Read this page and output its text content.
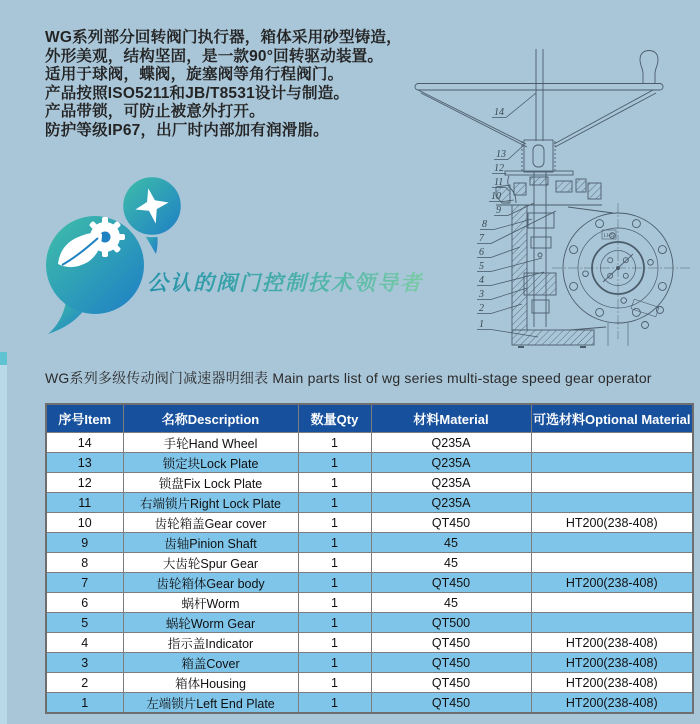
WG系列部分回转阀门执行器，箱体采用砂型铸造，
外形美观，结构坚固，是一款90°回转驱动装置。
适用于球阀，蝶阀，旋塞阀等角行程阀门。
产品按照ISO5211和JB/T8531设计与制造。
产品带锁，可防止被意外打开。
防护等级IP67，出厂时内部加有润滑脂。
公认的阀门控制技术领导者
LHS
14
13
12
11
10
9
8
7
6
5
4
3
2
1
WG系列多级传动阀门减速器明细表 Main parts list of wg series multi-stage speed gear operator
序号Item	名称Description	数量Qty	材料Material	可选材料Optional Material
14	手轮Hand Wheel	1	Q235A	
13	锁定块Lock Plate	1	Q235A	
12	锁盘Fix Lock Plate	1	Q235A	
11	右端锁片Right Lock Plate	1	Q235A	
10	齿轮箱盖Gear cover	1	QT450	HT200(238-408)
9	齿轴Pinion Shaft	1	45	
8	大齿轮Spur Gear	1	45	
7	齿轮箱体Gear body	1	QT450	HT200(238-408)
6	蜗杆Worm	1	45	
5	蜗轮Worm Gear	1	QT500	
4	指示盖Indicator	1	QT450	HT200(238-408)
3	箱盖Cover	1	QT450	HT200(238-408)
2	箱体Housing	1	QT450	HT200(238-408)
1	左端锁片Left End Plate	1	QT450	HT200(238-408)
